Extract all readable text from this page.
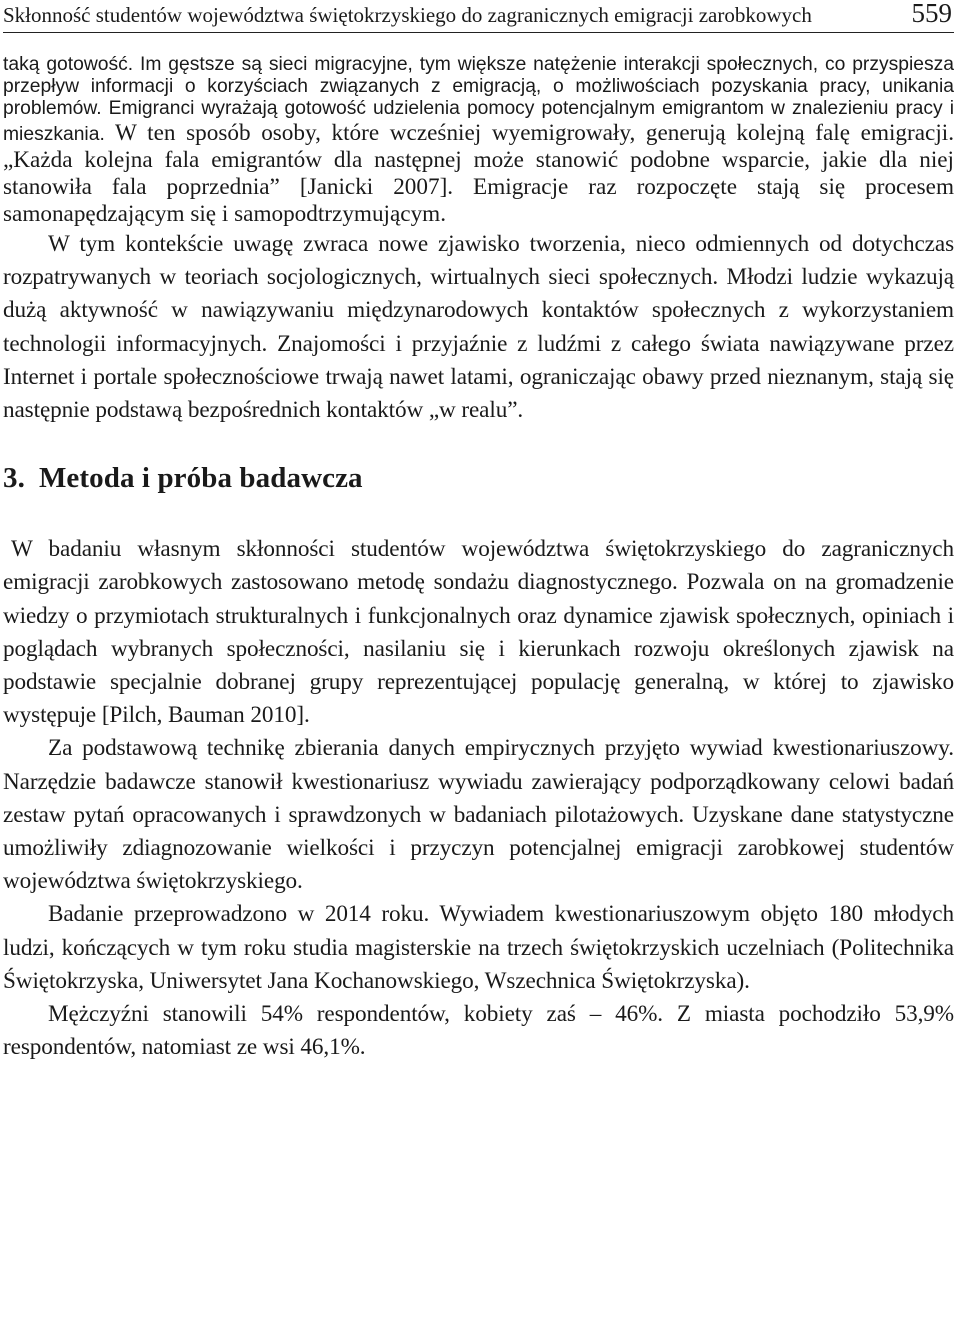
Skłonność studentów województwa świętokrzyskiego do zagranicznych emigracji zarobkowych	559

taką gotowość. Im gęstsze są sieci migracyjne, tym większe natężenie interakcji społecznych, co przyspiesza przepływ informacji o korzyściach związanych z emigracją, o możliwościach pozyskania pracy, unikania problemów. Emigranci wyrażają gotowość udzielenia pomocy potencjalnym emigrantom w znalezieniu pracy i mieszkania. W ten sposób osoby, które wcześniej wyemigrowały, generują kolejną falę emigracji. „Każda kolejna fala emigrantów dla następnej może stanowić podobne wsparcie, jakie dla niej stanowiła fala poprzednia” [Janicki 2007]. Emigracje raz rozpoczęte stają się procesem samonapędzającym się i samopodtrzymującym.

W tym kontekście uwagę zwraca nowe zjawisko tworzenia, nieco odmiennych od dotychczas rozpatrywanych w teoriach socjologicznych, wirtualnych sieci społecznych. Młodzi ludzie wykazują dużą aktywność w nawiązywaniu międzynarodowych kontaktów społecznych z wykorzystaniem technologii informacyjnych. Znajomości i przyjaźnie z ludźmi z całego świata nawiązywane przez Internet i portale społecznościowe trwają nawet latami, ograniczając obawy przed nieznanym, stają się następnie podstawą bezpośrednich kontaktów „w realu”.

3. Metoda i próba badawcza

W badaniu własnym skłonności studentów województwa świętokrzyskiego do zagranicznych emigracji zarobkowych zastosowano metodę sondażu diagnostycznego. Pozwala on na gromadzenie wiedzy o przymiotach strukturalnych i funkcjonalnych oraz dynamice zjawisk społecznych, opiniach i poglądach wybranych społeczności, nasilaniu się i kierunkach rozwoju określonych zjawisk na podstawie specjalnie dobranej grupy reprezentującej populację generalną, w której to zjawisko występuje [Pilch, Bauman 2010].

Za podstawową technikę zbierania danych empirycznych przyjęto wywiad kwestionariuszowy. Narzędzie badawcze stanowił kwestionariusz wywiadu zawierający podporządkowany celowi badań zestaw pytań opracowanych i sprawdzonych w badaniach pilotażowych. Uzyskane dane statystyczne umożliwiły zdiagnozowanie wielkości i przyczyn potencjalnej emigracji zarobkowej studentów województwa świętokrzyskiego.

Badanie przeprowadzono w 2014 roku. Wywiadem kwestionariuszowym objęto 180 młodych ludzi, kończących w tym roku studia magisterskie na trzech świętokrzyskich uczelniach (Politechnika Świętokrzyska, Uniwersytet Jana Kochanowskiego, Wszechnica Świętokrzyska).

Mężczyźni stanowili 54% respondentów, kobiety zaś – 46%. Z miasta pochodziło 53,9% respondentów, natomiast ze wsi 46,1%.
